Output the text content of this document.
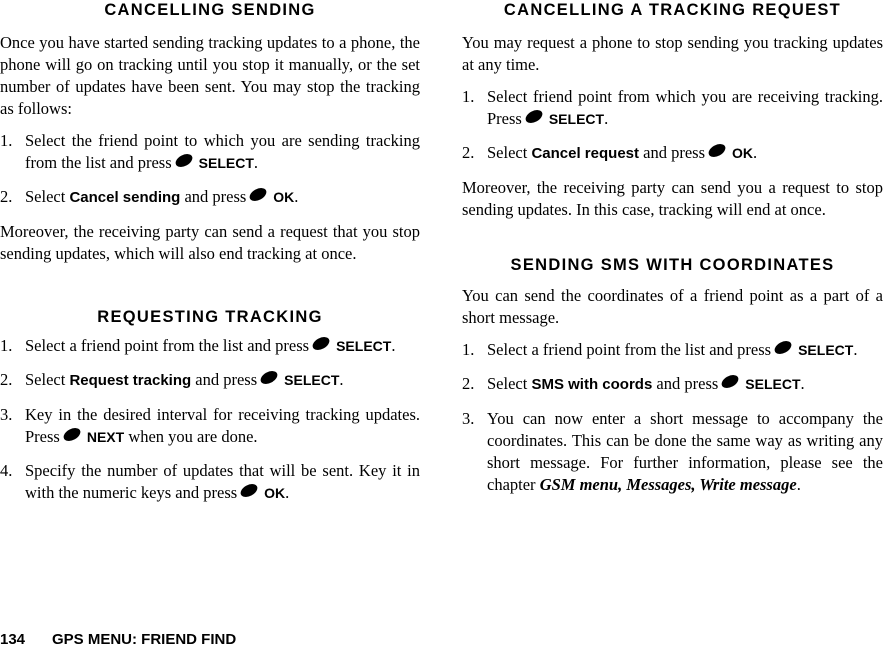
CANCELLING SENDING

Once you have started sending tracking updates to a phone, the phone will go on tracking until you stop it manually, or the set number of updates have been sent. You may stop the tracking as follows:

1. Select the friend point to which you are sending tracking from the list and press SELECT.
2. Select Cancel sending and press OK.

Moreover, the receiving party can send a request that you stop sending updates, which will also end tracking at once.

REQUESTING TRACKING
1. Select a friend point from the list and press SELECT.
2. Select Request tracking and press SELECT.
3. Key in the desired interval for receiving tracking updates. Press NEXT when you are done.
4. Specify the number of updates that will be sent. Key it in with the numeric keys and press OK.
CANCELLING A TRACKING REQUEST

You may request a phone to stop sending you tracking updates at any time.

1. Select friend point from which you are receiving tracking. Press SELECT.
2. Select Cancel request and press OK.

Moreover, the receiving party can send you a request to stop sending updates. In this case, tracking will end at once.

SENDING SMS WITH COORDINATES

You can send the coordinates of a friend point as a part of a short message.

1. Select a friend point from the list and press SELECT.
2. Select SMS with coords and press SELECT.
3. You can now enter a short message to accompany the coordinates. This can be done the same way as writing any short message. For further information, please see the chapter GSM menu, Messages, Write message.
134 GPS MENU: FRIEND FIND
